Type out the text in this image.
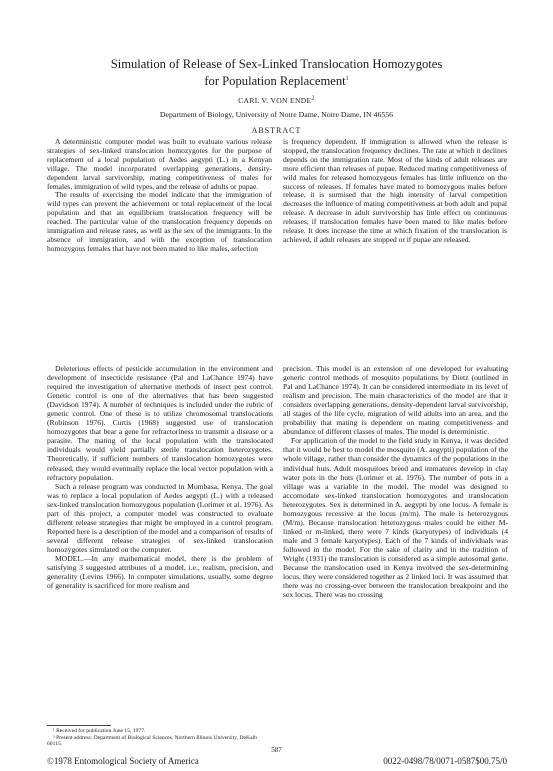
Simulation of Release of Sex-Linked Translocation Homozygotes
for Population Replacement$^1$
CARL V. VON ENDE$^2$
Department of Biology, University of Notre Dame, Notre Dame, IN 46556
ABSTRACT

A deterministic computer model was built to evaluate various release strategies of sex-linked translocation homozygotes for the purpose of replacement of a local population of Aedes aegypti (L.) in a Kenyan village. The model incorporated overlapping generations, density-dependent larval survivorship, mating competitiveness of males for females, immigration of wild types, and the release of adults or pupae.

The results of exercising the model indicate that the immigration of wild types can prevent the achievement or total replacement of the local population and that an equilibrium translocation frequency will be reached. The particular value of the translocation frequency depends on immigration and release rates, as well as the sex of the immigrants. In the absence of immigration, and with the exception of translocation homozygous females that have not been mated to like males, selection

is frequency dependent. If immigration is allowed when the release is stopped, the translocation frequency declines. The rate at which it declines depends on the immigration rate. Most of the kinds of adult releases are more efficient than releases of pupae. Reduced mating competitiveness of wild males for released homozygous females has little influence on the success of releases. If females have mated to homozygous males before release, it is surmised that the high intensity of larval competition decreases the influence of mating competitiveness at both adult and pupal release. A decrease in adult survivorship has little effect on continuous releases, if translocation females have been mated to like males before release. It does increase the time at which fixation of the translocation is achieved, if adult releases are stopped or if pupae are released.

Deleterious effects of pesticide accumulation in the environment and development of insecticide resistance (Pal and LaChance 1974) have required the investigation of alternative methods of insect pest control. Genetic control is one of the alternatives that has been suggested (Davidson 1974). A number of techniques is included under the rubric of genetic control. One of these is to utilize chromosomal translocations (Robinson 1976). Curtis (1968) suggested use of translocation homozygotes that bear a gene for refractoriness to transmit a disease or a parasite. The mating of the local population with the translocated individuals would yield partially sterile translocation heterozygotes. Theoretically, if sufficient numbers of translocation homozygotes were released, they would eventually replace the local vector population with a refractory population.

Such a release program was conducted in Mombasa, Kenya. The goal was to replace a local population of Aedes aegypti (L.) with a released sex-linked translocation homozygous population (Lorimer et al. 1976). As part of this project, a computer model was constructed to evaluate different release strategies that might be employed in a control program. Reported here is a description of the model and a comparison of results of several different release strategies of sex-linked translocation homozygotes simulated on the computer.

MODEL.—In any mathematical model, there is the problem of satisfying 3 suggested attributes of a model, i.e., realism, precision, and generality (Levins 1966). In computer simulations, usually, some degree of generality is sacrificed for more realism and

precision. This model is an extension of one developed for evaluating generic control methods of mosquito populations by Dietz (outlined in Pal and LaChance 1974). It can be considered intermediate in its level of realism and precision. The main characteristics of the model are that it considers overlapping generations, density-dependent larval survivorship, all stages of the life cycle, migration of wild adults into an area, and the probability that mating is dependent on mating competitiveness and abundance of different classes of males. The model is deterministic.

For application of the model to the field study in Kenya, it was decided that it would be best to model the mosquito (A. aegypti) population of the whole village, rather than consider the dynamics of the populations in the individual huts. Adult mosquitoes breed and immatures develop in clay water pots in the huts (Lorimer et al. 1976). The number of pots in a village was a variable in the model. The model was designed to accomodate sex-linked translocation homozygotes and translocation heterozygotes. Sex is determined in A. aegypti by one locus. A female is homozygous recessive at the locus (m/m). The male is heterozygous (M/m). Because translocation heterozygous males could be either M-linked or m-linked, there were 7 kinds (karyotypes) of individuals (4 male and 3 female karyotypes). Each of the 7 kinds of individuals was followed in the model. For the sake of clarity and in the tradition of Wright (1931) the translocation is considered as a simple autosomal gene. Because the translocation used in Kenya involved the sex-determining locus, they were considered together as 2 linked loci. It was assumed that there was no crossing-over between the translocation breakpoint and the sex locus. There was no crossing

¹ Received for publication June 15, 1977.

² Present address: Department of Biological Sciences, Northern Illinois University, DeKalb 60115.

587
©1978 Entomological Society of America	0022-0498/78/0071-0587$00.75/0
